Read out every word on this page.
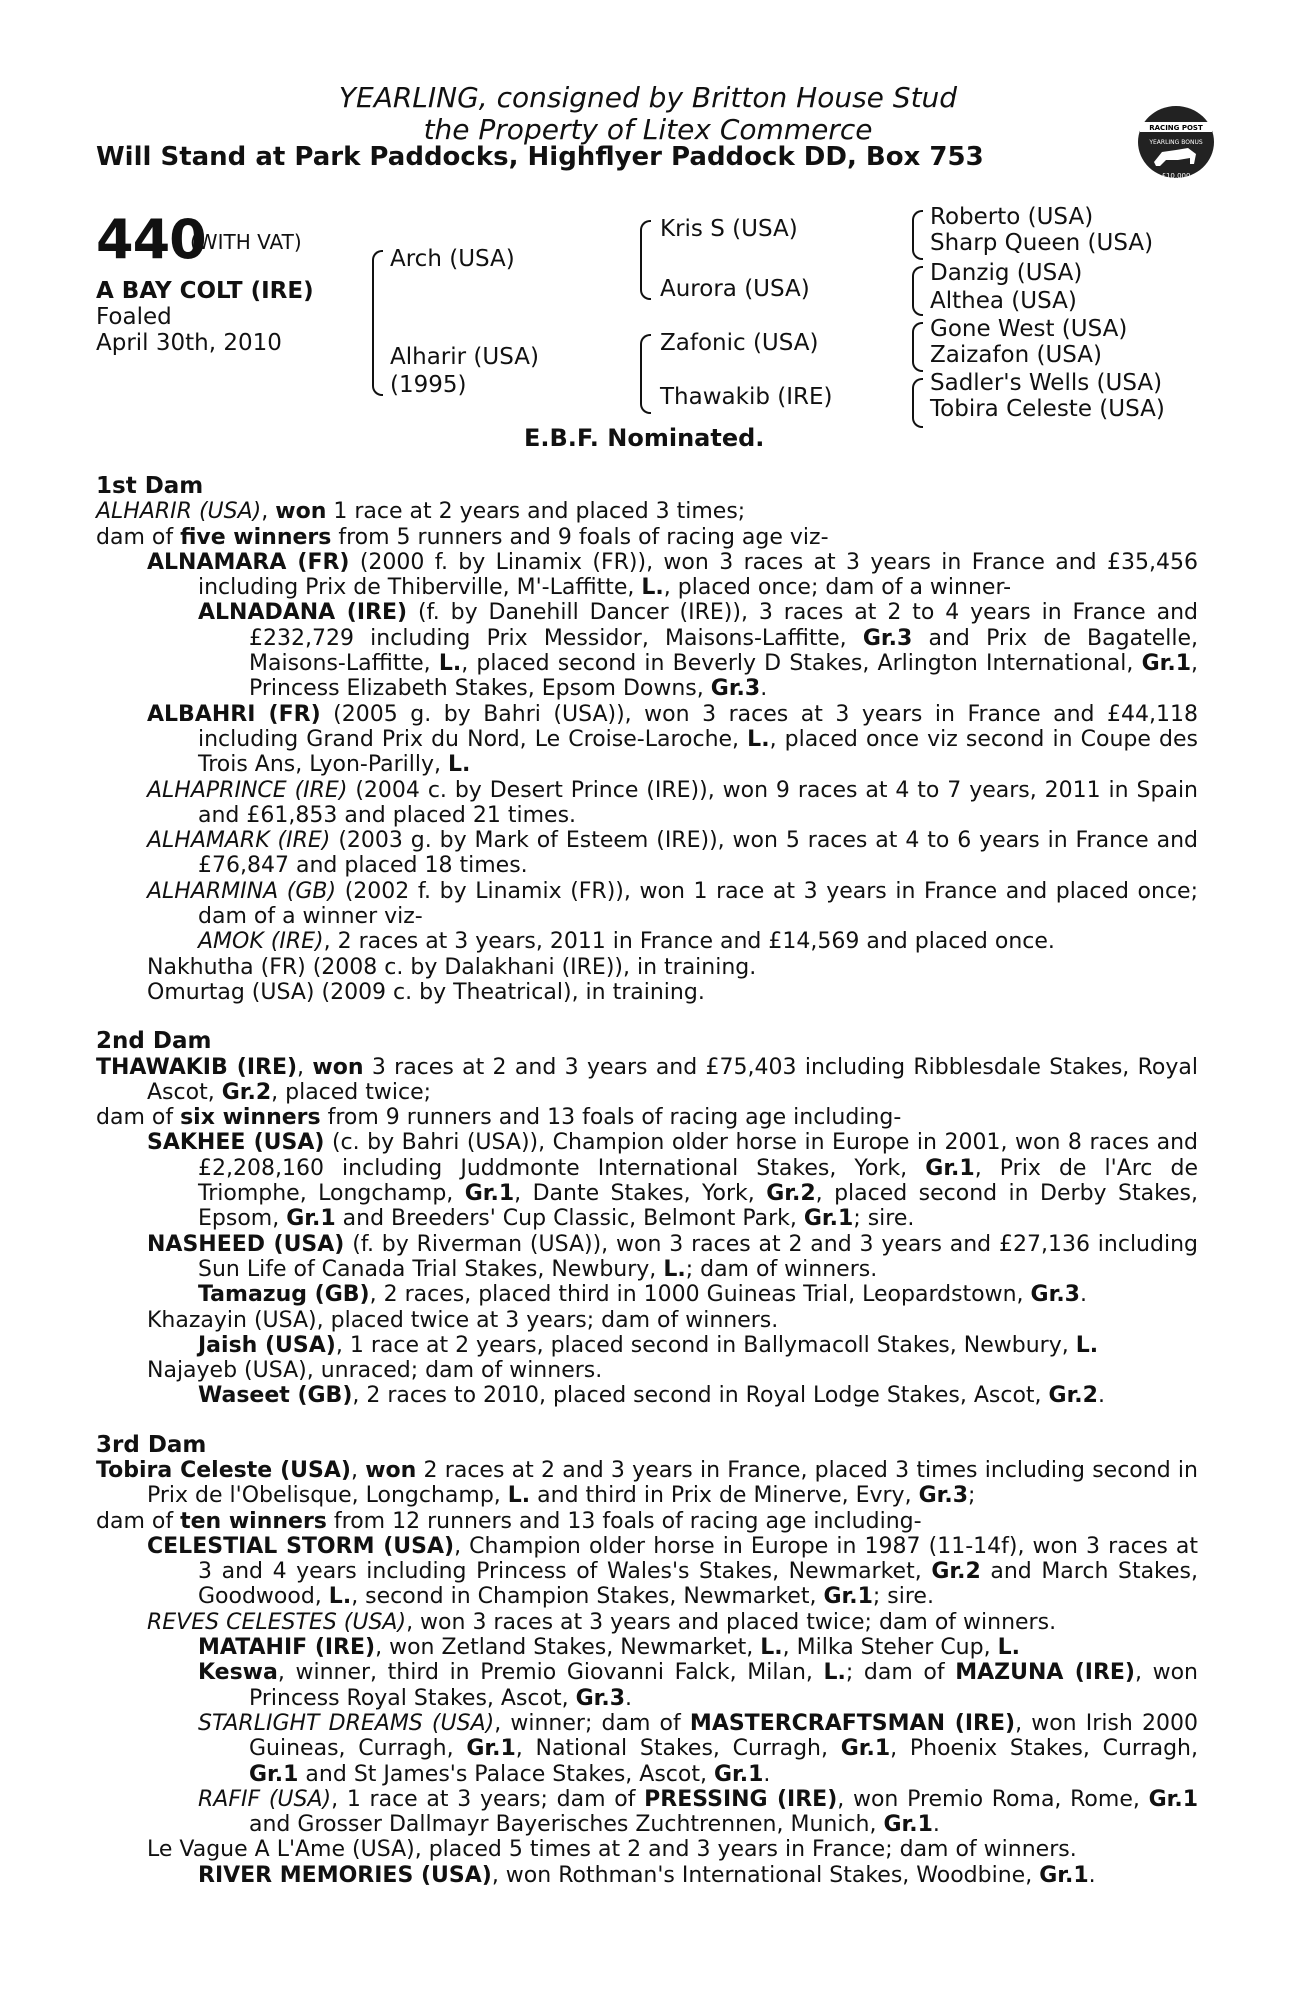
YEARLING, consigned by Britton House Stud
the Property of Litex Commerce
Will Stand at Park Paddocks, Highflyer Paddock DD, Box 753
RACING POST
YEARLING BONUS
£10,000
440
(WITH VAT)
A BAY COLT (IRE)
Foaled
April 30th, 2010
Arch (USA)
Alharir (USA)
(1995)
Kris S (USA)
Aurora (USA)
Zafonic (USA)
Thawakib (IRE)
Roberto (USA)
Sharp Queen (USA)
Danzig (USA)
Althea (USA)
Gone West (USA)
Zaizafon (USA)
Sadler's Wells (USA)
Tobira Celeste (USA)
E.B.F. Nominated.
1st Dam
ALHARIR (USA), won 1 race at 2 years and placed 3 times;
dam of five winners from 5 runners and 9 foals of racing age viz-
ALNAMARA (FR) (2000 f. by Linamix (FR)), won 3 races at 3 years in France and £35,456 including Prix de Thiberville, M'-Laffitte, L., placed once; dam of a winner-
ALNADANA (IRE) (f. by Danehill Dancer (IRE)), 3 races at 2 to 4 years in France and £232,729 including Prix Messidor, Maisons-Laffitte, Gr.3 and Prix de Bagatelle, Maisons-Laffitte, L., placed second in Beverly D Stakes, Arlington International, Gr.1, Princess Elizabeth Stakes, Epsom Downs, Gr.3.
ALBAHRI (FR) (2005 g. by Bahri (USA)), won 3 races at 3 years in France and £44,118 including Grand Prix du Nord, Le Croise-Laroche, L., placed once viz second in Coupe des Trois Ans, Lyon-Parilly, L.
ALHAPRINCE (IRE) (2004 c. by Desert Prince (IRE)), won 9 races at 4 to 7 years, 2011 in Spain and £61,853 and placed 21 times.
ALHAMARK (IRE) (2003 g. by Mark of Esteem (IRE)), won 5 races at 4 to 6 years in France and £76,847 and placed 18 times.
ALHARMINA (GB) (2002 f. by Linamix (FR)), won 1 race at 3 years in France and placed once; dam of a winner viz-
AMOK (IRE), 2 races at 3 years, 2011 in France and £14,569 and placed once.
Nakhutha (FR) (2008 c. by Dalakhani (IRE)), in training.
Omurtag (USA) (2009 c. by Theatrical), in training.
2nd Dam
THAWAKIB (IRE), won 3 races at 2 and 3 years and £75,403 including Ribblesdale Stakes, Royal Ascot, Gr.2, placed twice;
dam of six winners from 9 runners and 13 foals of racing age including-
SAKHEE (USA) (c. by Bahri (USA)), Champion older horse in Europe in 2001, won 8 races and £2,208,160 including Juddmonte International Stakes, York, Gr.1, Prix de l'Arc de Triomphe, Longchamp, Gr.1, Dante Stakes, York, Gr.2, placed second in Derby Stakes, Epsom, Gr.1 and Breeders' Cup Classic, Belmont Park, Gr.1; sire.
NASHEED (USA) (f. by Riverman (USA)), won 3 races at 2 and 3 years and £27,136 including Sun Life of Canada Trial Stakes, Newbury, L.; dam of winners.
Tamazug (GB), 2 races, placed third in 1000 Guineas Trial, Leopardstown, Gr.3.
Khazayin (USA), placed twice at 3 years; dam of winners.
Jaish (USA), 1 race at 2 years, placed second in Ballymacoll Stakes, Newbury, L.
Najayeb (USA), unraced; dam of winners.
Waseet (GB), 2 races to 2010, placed second in Royal Lodge Stakes, Ascot, Gr.2.
3rd Dam
Tobira Celeste (USA), won 2 races at 2 and 3 years in France, placed 3 times including second in Prix de l'Obelisque, Longchamp, L. and third in Prix de Minerve, Evry, Gr.3;
dam of ten winners from 12 runners and 13 foals of racing age including-
CELESTIAL STORM (USA), Champion older horse in Europe in 1987 (11-14f), won 3 races at 3 and 4 years including Princess of Wales's Stakes, Newmarket, Gr.2 and March Stakes, Goodwood, L., second in Champion Stakes, Newmarket, Gr.1; sire.
REVES CELESTES (USA), won 3 races at 3 years and placed twice; dam of winners.
MATAHIF (IRE), won Zetland Stakes, Newmarket, L., Milka Steher Cup, L.
Keswa, winner, third in Premio Giovanni Falck, Milan, L.; dam of MAZUNA (IRE), won Princess Royal Stakes, Ascot, Gr.3.
STARLIGHT DREAMS (USA), winner; dam of MASTERCRAFTSMAN (IRE), won Irish 2000 Guineas, Curragh, Gr.1, National Stakes, Curragh, Gr.1, Phoenix Stakes, Curragh, Gr.1 and St James's Palace Stakes, Ascot, Gr.1.
RAFIF (USA), 1 race at 3 years; dam of PRESSING (IRE), won Premio Roma, Rome, Gr.1 and Grosser Dallmayr Bayerisches Zuchtrennen, Munich, Gr.1.
Le Vague A L'Ame (USA), placed 5 times at 2 and 3 years in France; dam of winners.
RIVER MEMORIES (USA), won Rothman's International Stakes, Woodbine, Gr.1.
